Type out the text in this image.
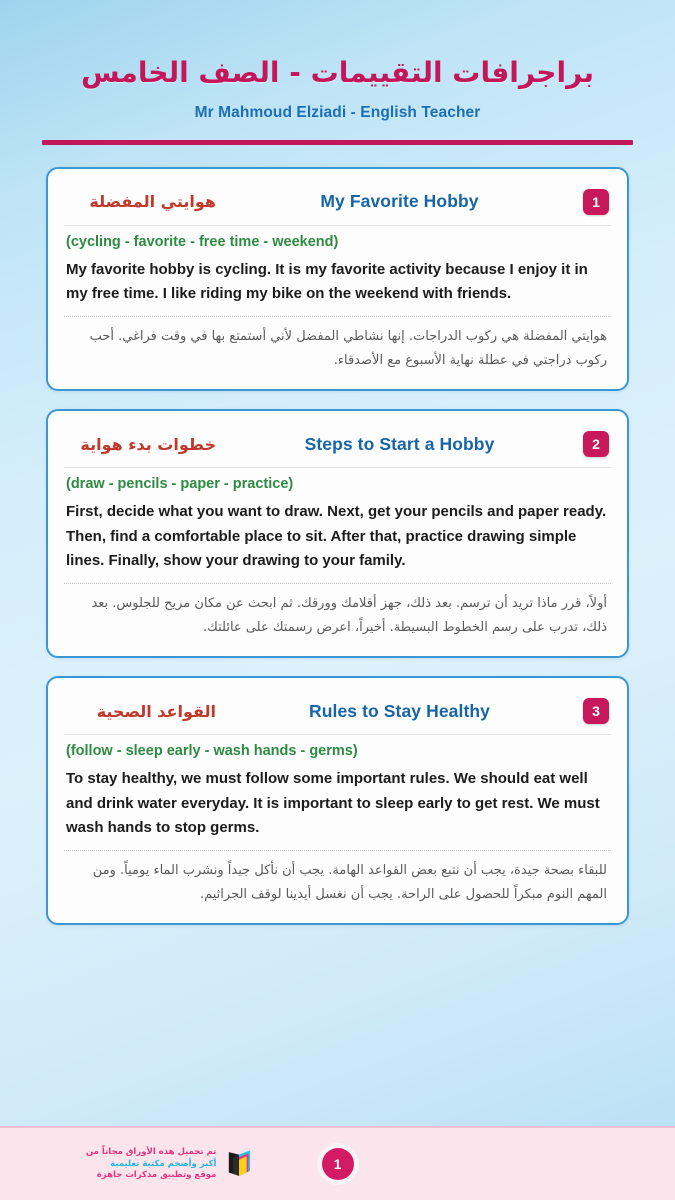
براجرافات التقييمات - الصف الخامس
Mr Mahmoud Elziadi - English Teacher
هوايتي المفضلة	My Favorite Hobby	1
(cycling - favorite - free time - weekend)
My favorite hobby is cycling. It is my favorite activity because I enjoy it in my free time. I like riding my bike on the weekend with friends.
هوايتي المفضلة هي ركوب الدراجات. إنها نشاطي المفضل لأني أستمتع بها في وقت فراغي. أحب ركوب دراجتي في عطلة نهاية الأسبوع مع الأصدقاء.
خطوات بدء هواية	Steps to Start a Hobby	2
(draw - pencils - paper - practice)
First, decide what you want to draw. Next, get your pencils and paper ready. Then, find a comfortable place to sit. After that, practice drawing simple lines. Finally, show your drawing to your family.
أولاً، قرر ماذا تريد أن ترسم. بعد ذلك، جهز أقلامك وورقك. ثم ابحث عن مكان مريح للجلوس. بعد ذلك، تدرب على رسم الخطوط البسيطة. أخيراً، اعرض رسمتك على عائلتك.
القواعد الصحية	Rules to Stay Healthy	3
(follow - sleep early - wash hands - germs)
To stay healthy, we must follow some important rules. We should eat well and drink water everyday. It is important to sleep early to get rest. We must wash hands to stop germs.
للبقاء بصحة جيدة، يجب أن نتبع بعض القواعد الهامة. يجب أن نأكل جيداً ونشرب الماء يومياً. ومن المهم النوم مبكراً للحصول على الراحة. يجب أن نغسل أيدينا لوقف الجراثيم.
تم تحميل هذه الأوراق مجاناً من
أكبر وأضخم مكتبة تعليمية
موقع وتطبيق مذكرات جاهزة
1
